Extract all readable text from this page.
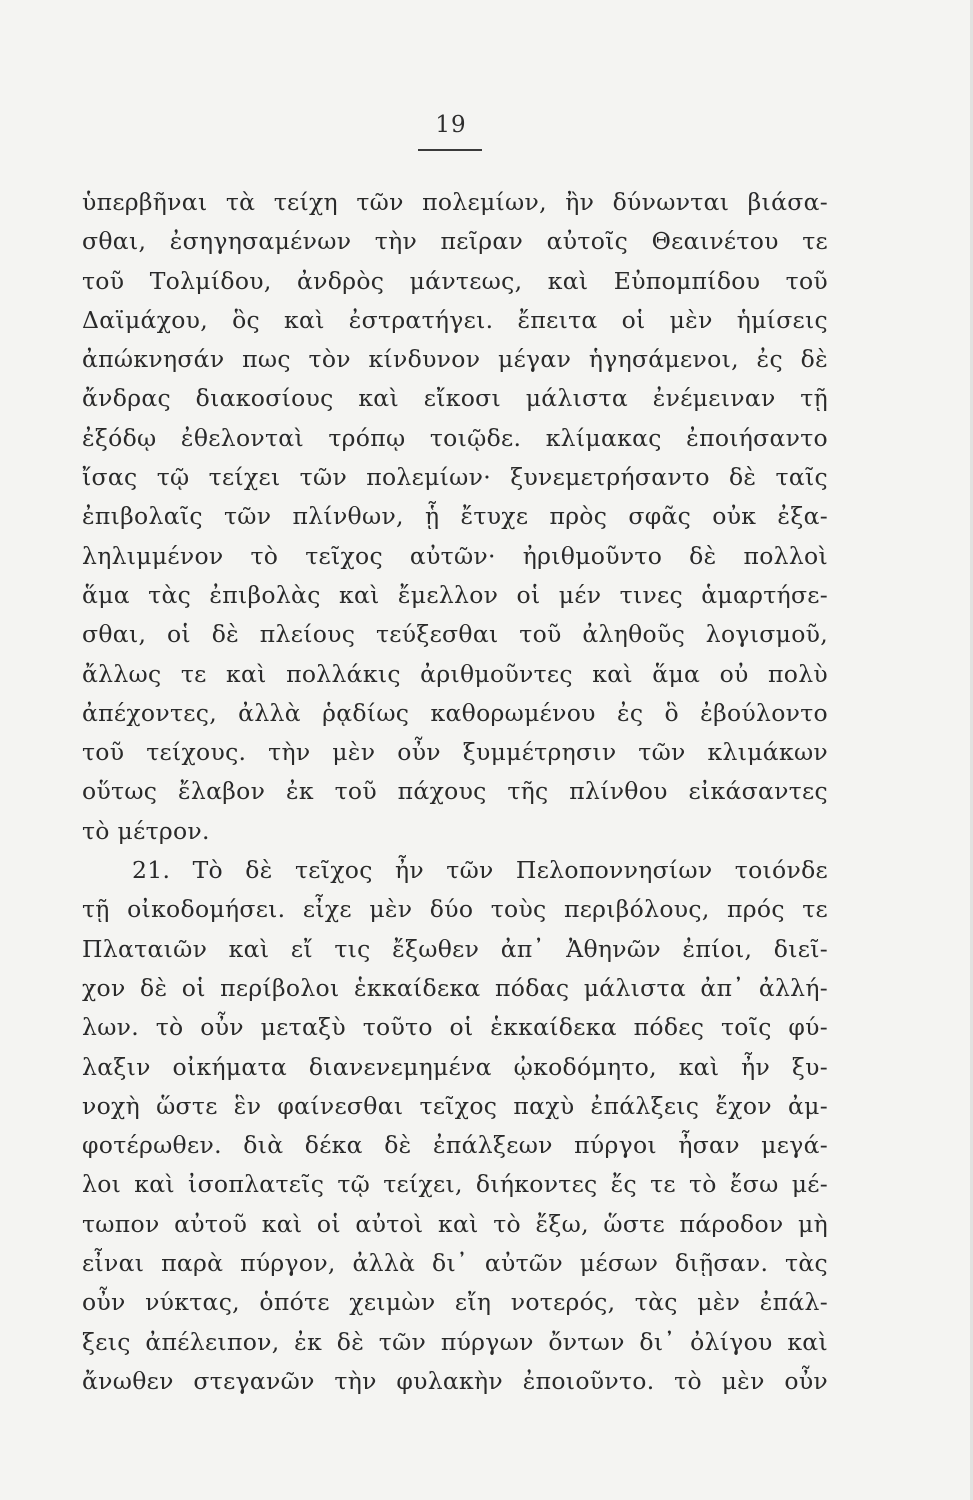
19
ὑπερβῆναι τὰ τείχη τῶν πολεμίων, ἢν δύνωνται βιάσα-
σθαι, ἐσηγησαμένων τὴν πεῖραν αὐτοῖς Θεαινέτου τε
τοῦ Τολμίδου, ἀνδρὸς μάντεως, καὶ Εὐπομπίδου τοῦ
Δαϊμάχου, ὃς καὶ ἐστρατήγει. ἔπειτα οἱ μὲν ἡμίσεις
ἀπώκνησάν πως τὸν κίνδυνον μέγαν ἡγησάμενοι, ἐς δὲ
ἄνδρας διακοσίους καὶ εἴκοσι μάλιστα ἐνέμειναν τῇ
ἐξόδῳ ἐθελονταὶ τρόπῳ τοιῷδε. κλίμακας ἐποιήσαντο
ἴσας τῷ τείχει τῶν πολεμίων· ξυνεμετρήσαντο δὲ ταῖς
ἐπιβολαῖς τῶν πλίνθων, ᾗ ἔτυχε πρὸς σφᾶς οὐκ ἐξα-
ληλιμμένον τὸ τεῖχος αὐτῶν· ἠριθμοῦντο δὲ πολλοὶ
ἅμα τὰς ἐπιβολὰς καὶ ἔμελλον οἱ μέν τινες ἁμαρτήσε-
σθαι, οἱ δὲ πλείους τεύξεσθαι τοῦ ἀληθοῦς λογισμοῦ,
ἄλλως τε καὶ πολλάκις ἀριθμοῦντες καὶ ἅμα οὐ πολὺ
ἀπέχοντες, ἀλλὰ ῥᾳδίως καθορωμένου ἐς ὃ ἐβούλοντο
τοῦ τείχους. τὴν μὲν οὖν ξυμμέτρησιν τῶν κλιμάκων
οὕτως ἔλαβον ἐκ τοῦ πάχους τῆς πλίνθου εἰκάσαντες
τὸ μέτρον.
21. Τὸ δὲ τεῖχος ἦν τῶν Πελοποννησίων τοιόνδε
τῇ οἰκοδομήσει. εἶχε μὲν δύο τοὺς περιβόλους, πρός τε
Πλαταιῶν καὶ εἴ τις ἔξωθεν ἀπ᾿ Ἀθηνῶν ἐπίοι, διεῖ-
χον δὲ οἱ περίβολοι ἑκκαίδεκα πόδας μάλιστα ἀπ᾿ ἀλλή-
λων. τὸ οὖν μεταξὺ τοῦτο οἱ ἑκκαίδεκα πόδες τοῖς φύ-
λαξιν οἰκήματα διανενεμημένα ᾠκοδόμητο, καὶ ἦν ξυ-
νοχὴ ὥστε ἓν φαίνεσθαι τεῖχος παχὺ ἐπάλξεις ἔχον ἀμ-
φοτέρωθεν. διὰ δέκα δὲ ἐπάλξεων πύργοι ἦσαν μεγά-
λοι καὶ ἰσοπλατεῖς τῷ τείχει, διήκοντες ἔς τε τὸ ἔσω μέ-
τωπον αὐτοῦ καὶ οἱ αὐτοὶ καὶ τὸ ἔξω, ὥστε πάροδον μὴ
εἶναι παρὰ πύργον, ἀλλὰ δι᾿ αὐτῶν μέσων διῇσαν. τὰς
οὖν νύκτας, ὁπότε χειμὼν εἴη νοτερός, τὰς μὲν ἐπάλ-
ξεις ἀπέλειπον, ἐκ δὲ τῶν πύργων ὄντων δι᾿ ὀλίγου καὶ
ἄνωθεν στεγανῶν τὴν φυλακὴν ἐποιοῦντο. τὸ μὲν οὖν
